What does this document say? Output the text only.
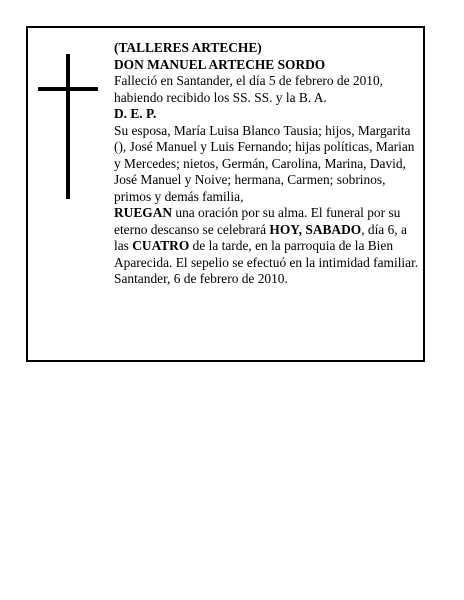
(TALLERES ARTECHE)

DON MANUEL ARTECHE SORDO

Falleció en Santander, el día 5 de febrero de 2010, habiendo recibido los SS. SS. y la B. A.

D. E. P.

Su esposa, María Luisa Blanco Tausia; hijos, Margarita (), José Manuel y Luis Fernando; hijas políticas, Marian y Mercedes; nietos, Germán, Carolina, Marina, David, José Manuel y Noive; hermana, Carmen; sobrinos, primos y demás familia,

RUEGAN una oración por su alma. El funeral por su eterno descanso se celebrará HOY, SABADO, día 6, a las CUATRO de la tarde, en la parroquia de la Bien Aparecida. El sepelio se efectuó en la intimidad familiar.

Santander, 6 de febrero de 2010.
